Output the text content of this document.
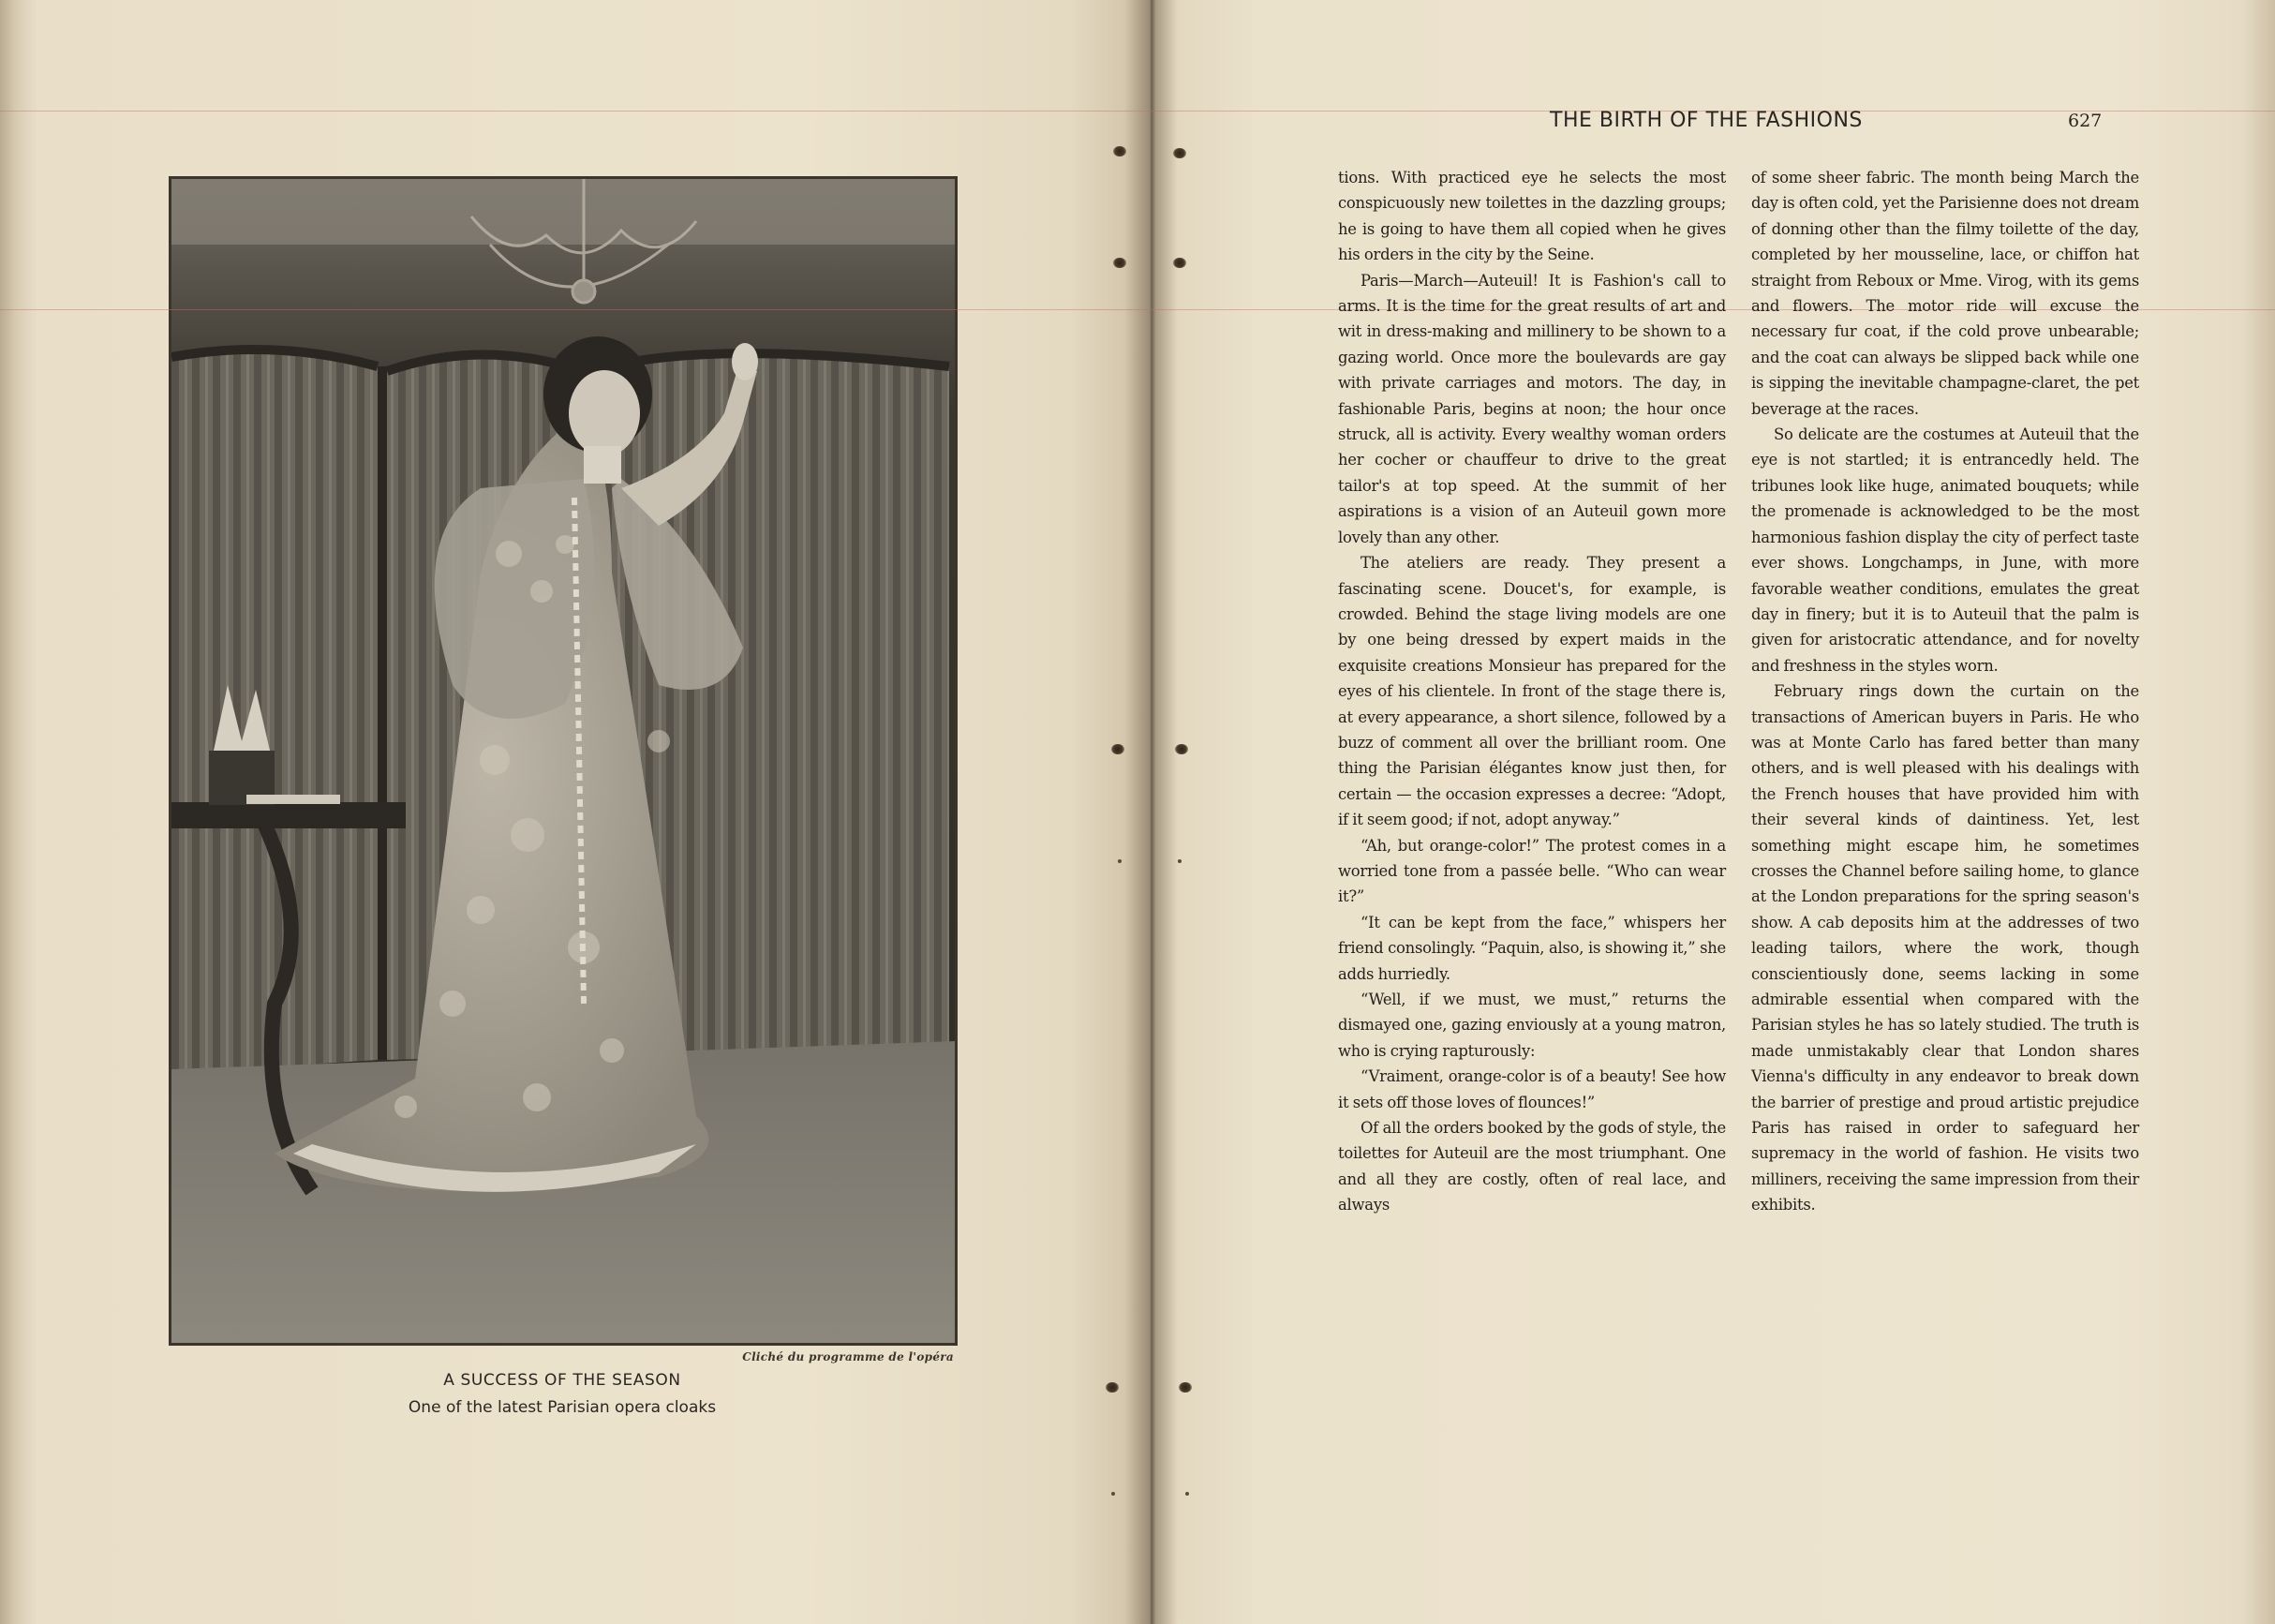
Cliché du programme de l'opéra
A SUCCESS OF THE SEASON
One of the latest Parisian opera cloaks
THE BIRTH OF THE FASHIONS	627

tions. With practiced eye he selects the most conspicuously new toilettes in the dazzling groups; he is going to have them all copied when he gives his orders in the city by the Seine.

Paris—March—Auteuil! It is Fashion's call to arms. It is the time for the great results of art and wit in dress-making and millinery to be shown to a gazing world. Once more the boulevards are gay with private carriages and motors. The day, in fashionable Paris, begins at noon; the hour once struck, all is activity. Every wealthy woman orders her cocher or chauffeur to drive to the great tailor's at top speed. At the summit of her aspirations is a vision of an Auteuil gown more lovely than any other.

The ateliers are ready. They present a fascinating scene. Doucet's, for example, is crowded. Behind the stage living models are one by one being dressed by expert maids in the exquisite creations Monsieur has prepared for the eyes of his clientele. In front of the stage there is, at every appearance, a short silence, followed by a buzz of comment all over the brilliant room. One thing the Parisian élégantes know just then, for certain — the occasion expresses a decree: “Adopt, if it seem good; if not, adopt anyway.”

“Ah, but orange-color!” The protest comes in a worried tone from a passée belle. “Who can wear it?”

“It can be kept from the face,” whispers her friend consolingly. “Paquin, also, is showing it,” she adds hurriedly.

“Well, if we must, we must,” returns the dismayed one, gazing enviously at a young matron, who is crying rapturously:

“Vraiment, orange-color is of a beauty! See how it sets off those loves of flounces!”

Of all the orders booked by the gods of style, the toilettes for Auteuil are the most triumphant. One and all they are costly, often of real lace, and always

of some sheer fabric. The month being March the day is often cold, yet the Parisienne does not dream of donning other than the filmy toilette of the day, completed by her mousseline, lace, or chiffon hat straight from Reboux or Mme. Virog, with its gems and flowers. The motor ride will excuse the necessary fur coat, if the cold prove unbearable; and the coat can always be slipped back while one is sipping the inevitable champagne-claret, the pet beverage at the races.

So delicate are the costumes at Auteuil that the eye is not startled; it is entrancedly held. The tribunes look like huge, animated bouquets; while the promenade is acknowledged to be the most harmonious fashion display the city of perfect taste ever shows. Longchamps, in June, with more favorable weather conditions, emulates the great day in finery; but it is to Auteuil that the palm is given for aristocratic attendance, and for novelty and freshness in the styles worn.

February rings down the curtain on the transactions of American buyers in Paris. He who was at Monte Carlo has fared better than many others, and is well pleased with his dealings with the French houses that have provided him with their several kinds of daintiness. Yet, lest something might escape him, he sometimes crosses the Channel before sailing home, to glance at the London preparations for the spring season's show. A cab deposits him at the addresses of two leading tailors, where the work, though conscientiously done, seems lacking in some admirable essential when compared with the Parisian styles he has so lately studied. The truth is made unmistakably clear that London shares Vienna's difficulty in any endeavor to break down the barrier of prestige and proud artistic prejudice Paris has raised in order to safeguard her supremacy in the world of fashion. He visits two milliners, receiving the same impression from their exhibits.
